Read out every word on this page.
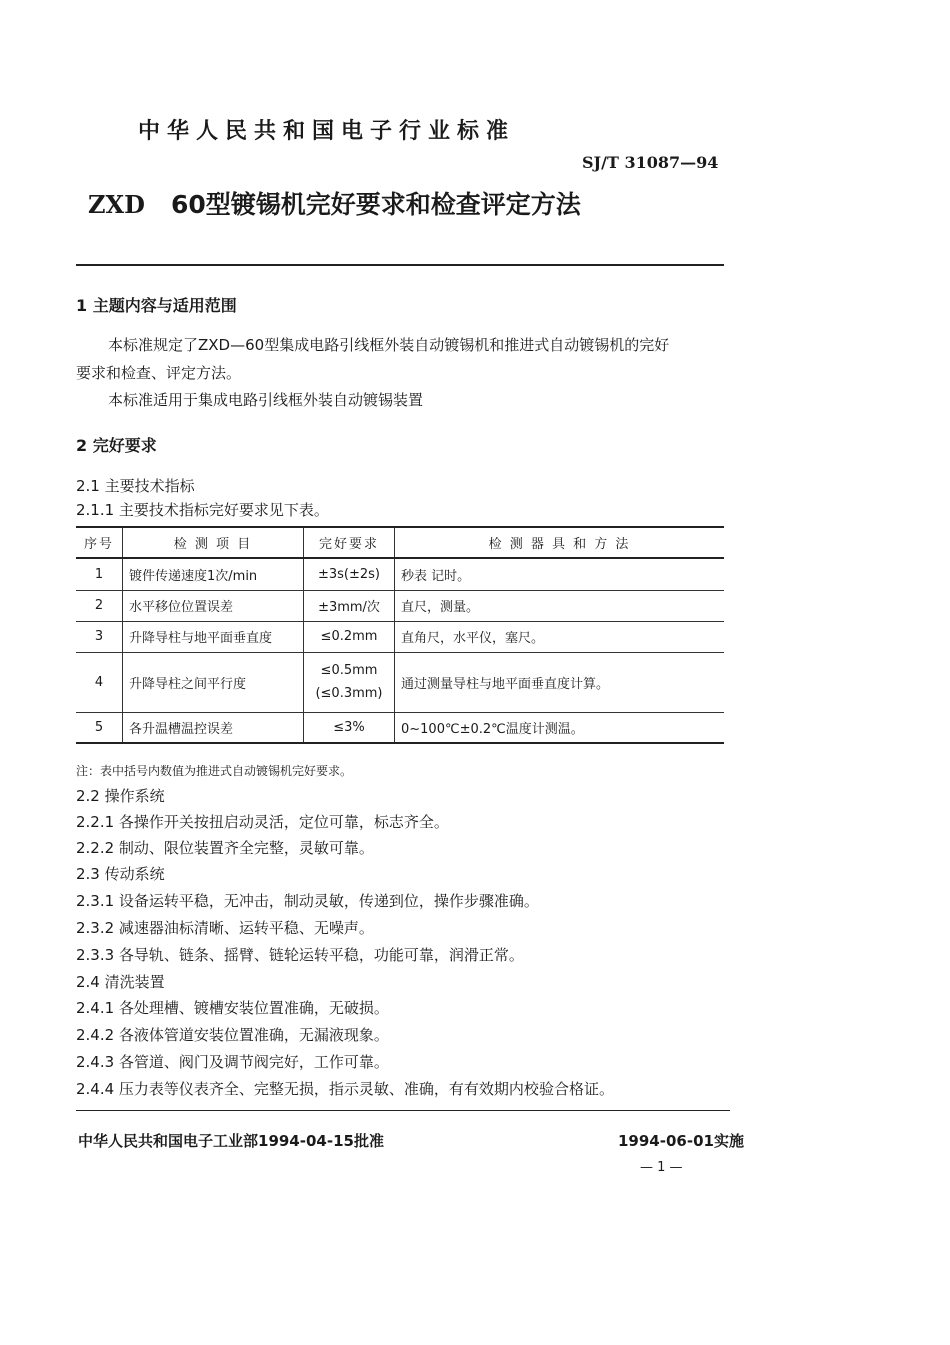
中华人民共和国电子行业标准
SJ/T 31087—94
ZXD 60型镀锡机完好要求和检查评定方法
1 主题内容与适用范围
本标准规定了ZXD—60型集成电路引线框外装自动镀锡机和推进式自动镀锡机的完好
要求和检查、评定方法。
本标准适用于集成电路引线框外装自动镀锡装置
2 完好要求
2.1 主要技术指标
2.1.1 主要技术指标完好要求见下表。
序号	检 测 项 目	完好要求	检 测 器 具 和 方 法
1	镀件传递速度1次/min	±3s(±2s)	秒表 记时。
2	水平移位位置误差	±3mm/次	直尺，测量。
3	升降导柱与地平面垂直度	≤0.2mm	直角尺，水平仪，塞尺。
4	升降导柱之间平行度	≤0.5mm
(≤0.3mm)	通过测量导柱与地平面垂直度计算。
5	各升温槽温控误差	≤3%	0~100℃±0.2℃温度计测温。
注：表中括号内数值为推进式自动镀锡机完好要求。
2.2 操作系统
2.2.1 各操作开关按扭启动灵活，定位可靠，标志齐全。
2.2.2 制动、限位装置齐全完整，灵敏可靠。
2.3 传动系统
2.3.1 设备运转平稳，无冲击，制动灵敏，传递到位，操作步骤准确。
2.3.2 减速器油标清晰、运转平稳、无噪声。
2.3.3 各导轨、链条、摇臂、链轮运转平稳，功能可靠，润滑正常。
2.4 清洗装置
2.4.1 各处理槽、镀槽安装位置准确，无破损。
2.4.2 各液体管道安装位置准确，无漏液现象。
2.4.3 各管道、阀门及调节阀完好，工作可靠。
2.4.4 压力表等仪表齐全、完整无损，指示灵敏、准确，有有效期内校验合格证。
中华人民共和国电子工业部1994-04-15批准	1994-06-01实施
— 1 —
